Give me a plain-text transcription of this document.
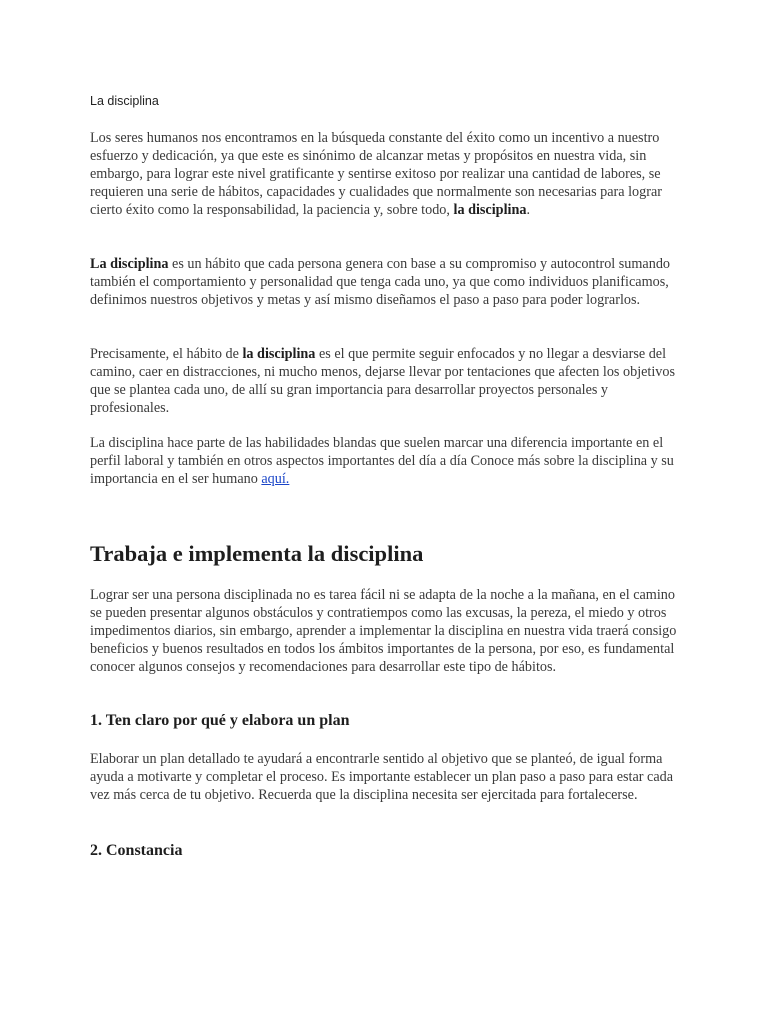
La disciplina

Los seres humanos nos encontramos en la búsqueda constante del éxito como un incentivo a nuestro esfuerzo y dedicación, ya que este es sinónimo de alcanzar metas y propósitos en nuestra vida, sin embargo, para lograr este nivel gratificante y sentirse exitoso por realizar una cantidad de labores, se requieren una serie de hábitos, capacidades y cualidades que normalmente son necesarias para lograr cierto éxito como la responsabilidad, la paciencia y, sobre todo, la disciplina.

La disciplina es un hábito que cada persona genera con base a su compromiso y autocontrol sumando también el comportamiento y personalidad que tenga cada uno, ya que como individuos planificamos, definimos nuestros objetivos y metas y así mismo diseñamos el paso a paso para poder lograrlos.

Precisamente, el hábito de la disciplina es el que permite seguir enfocados y no llegar a desviarse del camino, caer en distracciones, ni mucho menos, dejarse llevar por tentaciones que afecten los objetivos que se plantea cada uno, de allí su gran importancia para desarrollar proyectos personales y profesionales.

La disciplina hace parte de las habilidades blandas que suelen marcar una diferencia importante en el perfil laboral y también en otros aspectos importantes del día a día Conoce más sobre la disciplina y su importancia en el ser humano aquí.

Trabaja e implementa la disciplina

Lograr ser una persona disciplinada no es tarea fácil ni se adapta de la noche a la mañana, en el camino se pueden presentar algunos obstáculos y contratiempos como las excusas, la pereza, el miedo y otros impedimentos diarios, sin embargo, aprender a implementar la disciplina en nuestra vida traerá consigo beneficios y buenos resultados en todos los ámbitos importantes de la persona, por eso, es fundamental conocer algunos consejos y recomendaciones para desarrollar este tipo de hábitos.

1. Ten claro por qué y elabora un plan

Elaborar un plan detallado te ayudará a encontrarle sentido al objetivo que se planteó, de igual forma ayuda a motivarte y completar el proceso. Es importante establecer un plan paso a paso para estar cada vez más cerca de tu objetivo. Recuerda que la disciplina necesita ser ejercitada para fortalecerse.

2. Constancia
